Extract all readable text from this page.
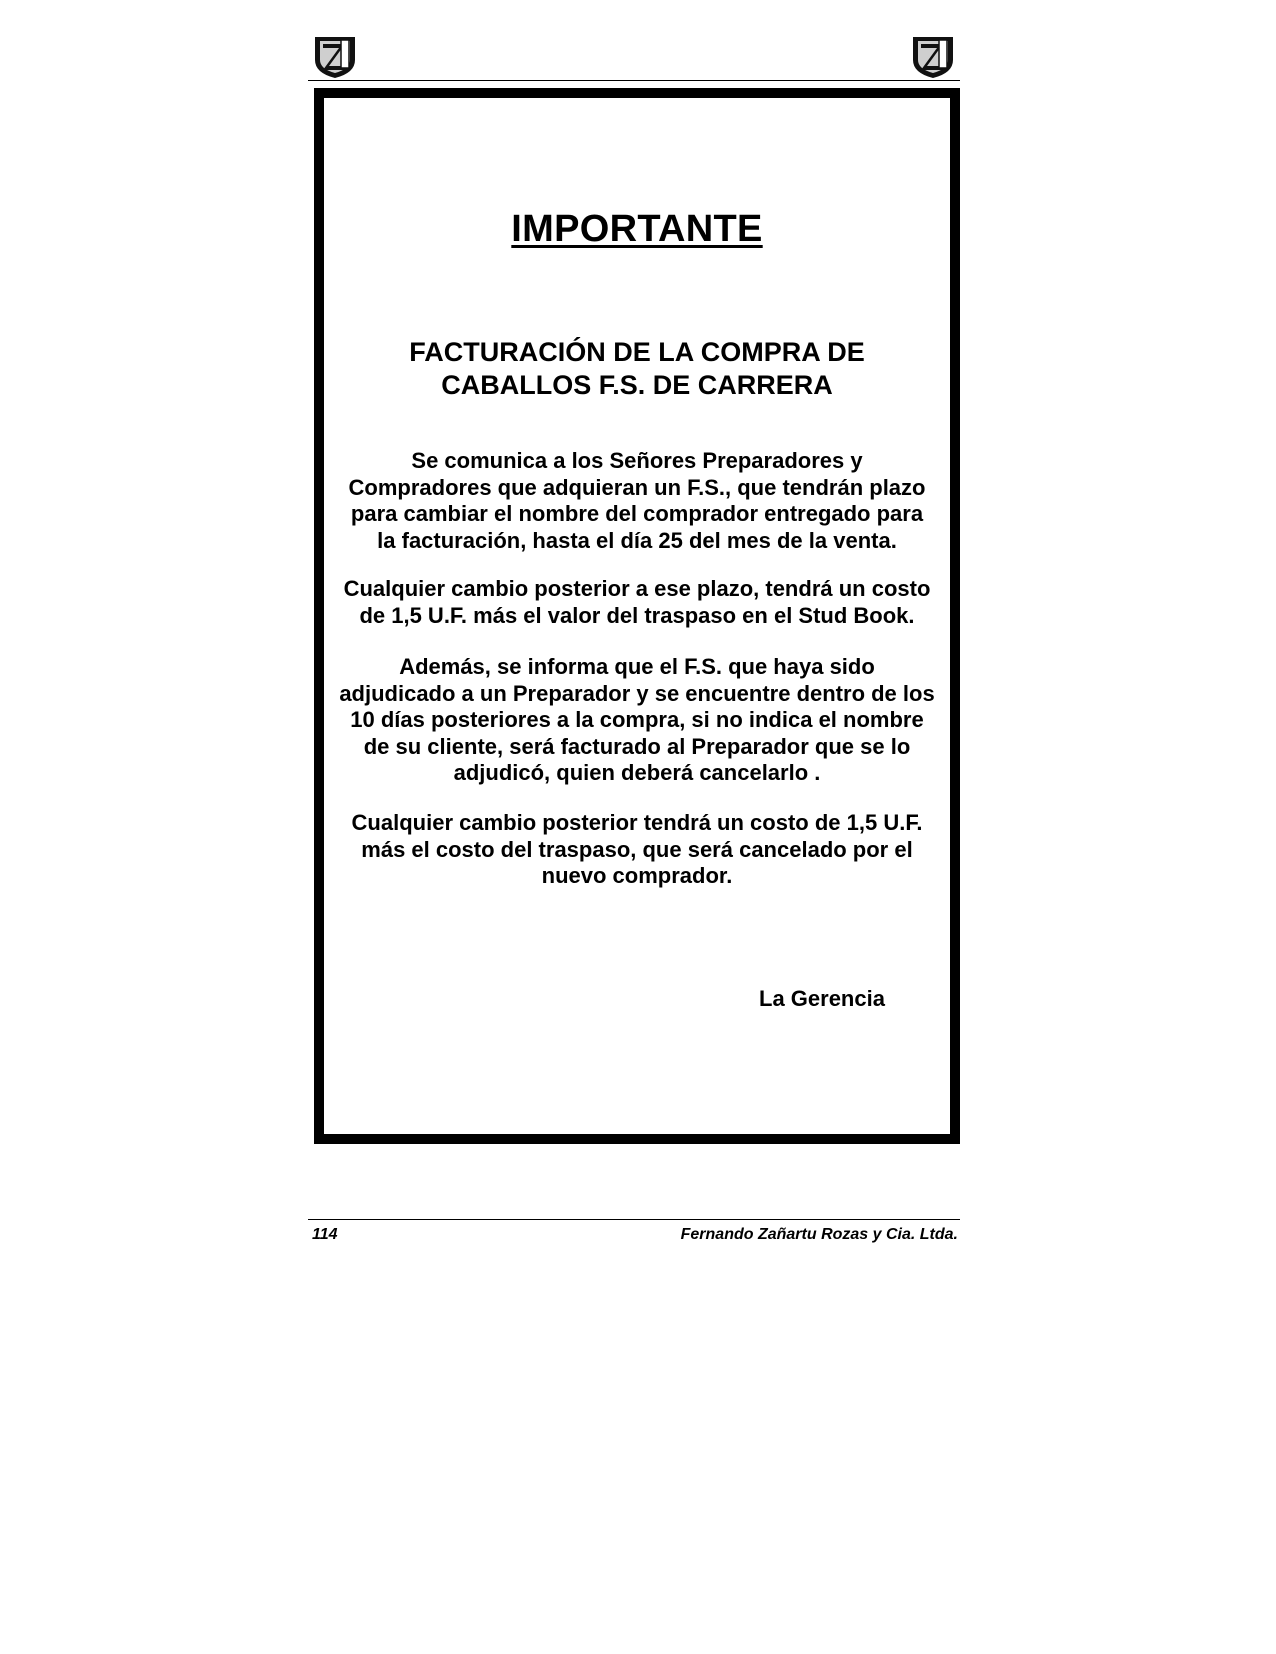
IMPORTANTE
FACTURACIÓN DE LA COMPRA DE
CABALLOS F.S. DE CARRERA
Se comunica a los Señores Preparadores y
Compradores que adquieran un F.S., que tendrán plazo
para cambiar el nombre del comprador entregado para
la facturación, hasta el día 25 del mes de la venta.
Cualquier cambio posterior a ese plazo, tendrá un costo
de 1,5 U.F. más el valor del traspaso en el Stud Book.
Además, se informa que el F.S. que haya sido
adjudicado a un Preparador y se encuentre dentro de los
10 días posteriores a la compra, si no indica el nombre
de su cliente, será facturado al Preparador que se lo
adjudicó, quien deberá cancelarlo .
Cualquier cambio posterior tendrá un costo de 1,5 U.F.
más el costo del traspaso, que será cancelado por el
nuevo comprador.
La Gerencia
114	Fernando Zañartu Rozas y Cia. Ltda.
